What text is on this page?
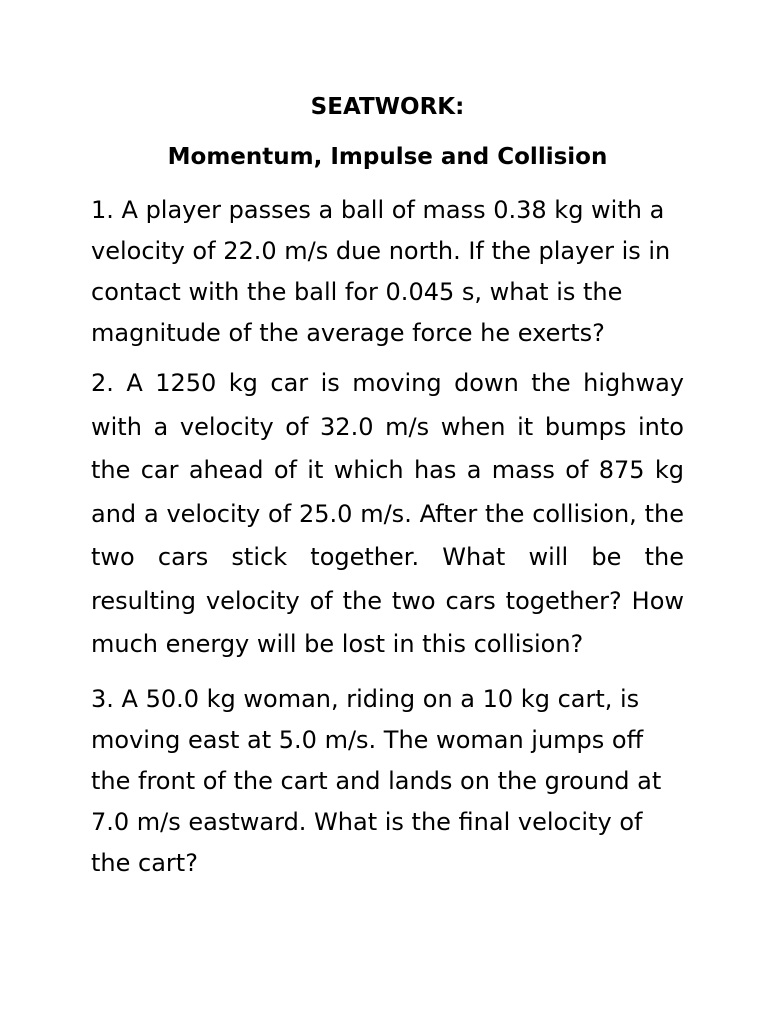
SEATWORK:
Momentum, Impulse and Collision

1. A player passes a ball of mass 0.38 kg with a velocity of 22.0 m/s due north. If the player is in contact with the ball for 0.045 s, what is the magnitude of the average force he exerts?

2. A 1250 kg car is moving down the highway with a velocity of 32.0 m/s when it bumps into the car ahead of it which has a mass of 875 kg and a velocity of 25.0 m/s. After the collision, the two cars stick together. What will be the resulting velocity of the two cars together? How much energy will be lost in this collision?

3. A 50.0 kg woman, riding on a 10 kg cart, is moving east at 5.0 m/s. The woman jumps off the front of the cart and lands on the ground at 7.0 m/s eastward. What is the final velocity of the cart?
